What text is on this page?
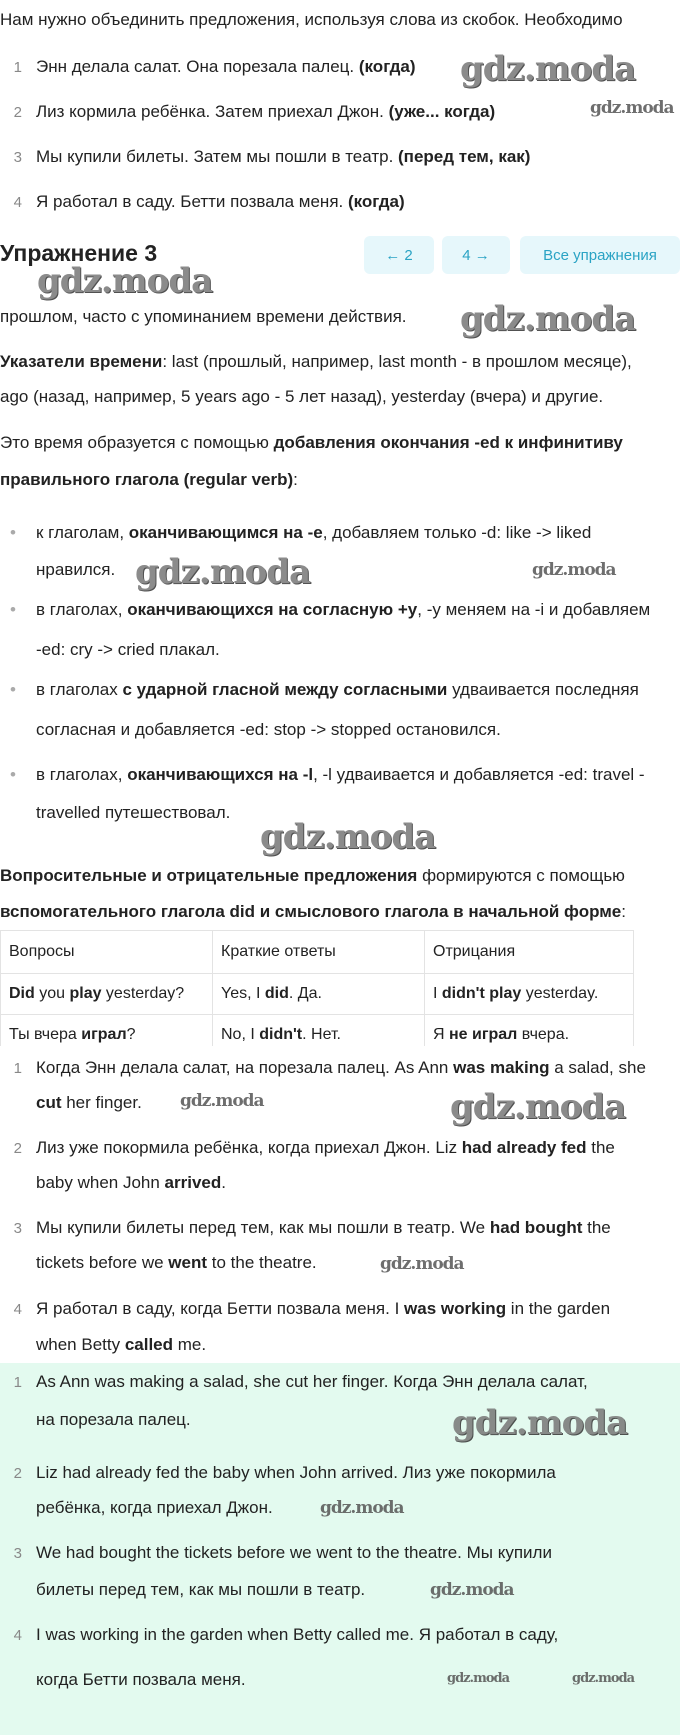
Нам нужно объединить предложения, используя слова из скобок. Необходимо
1 Энн делала салат. Она порезала палец. (когда)
2 Лиз кормила ребёнка. Затем приехал Джон. (уже... когда)
3 Мы купили билеты. Затем мы пошли в театр. (перед тем, как)
4 Я работал в саду. Бетти позвала меня. (когда)
Упражнение 3	← 2	4 →	Все упражнения
прошлом, часто с упоминанием времени действия.
Указатели времени: last (прошлый, например, last month - в прошлом месяце),
ago (назад, например, 5 years ago - 5 лет назад), yesterday (вчера) и другие.
Это время образуется с помощью добавления окончания -ed к инфинитиву
правильного глагола (regular verb):
• к глаголам, оканчивающимся на -e, добавляем только -d: like -> liked
нравился.
• в глаголах, оканчивающихся на согласную +y, -y меняем на -i и добавляем
-ed: cry -> cried плакал.
• в глаголах с ударной гласной между согласными удваивается последняя
согласная и добавляется -ed: stop -> stopped остановился.
• в глаголах, оканчивающихся на -l, -l удваивается и добавляется -ed: travel -
travelled путешествовал.
Вопросительные и отрицательные предложения формируются с помощью
вспомогательного глагола did и смыслового глагола в начальной форме:
Вопросы	Краткие ответы	Отрицания
Did you play yesterday?	Yes, I did. Да.	I didn't play yesterday.
Ты вчера играл?	No, I didn't. Нет.	Я не играл вчера.
1 Когда Энн делала салат, на порезала палец. As Ann was making a salad, she
cut her finger.
2 Лиз уже покормила ребёнка, когда приехал Джон. Liz had already fed the
baby when John arrived.
3 Мы купили билеты перед тем, как мы пошли в театр. We had bought the
tickets before we went to the theatre.
4 Я работал в саду, когда Бетти позвала меня. I was working in the garden
when Betty called me.
1 As Ann was making a salad, she cut her finger. Когда Энн делала салат,
на порезала палец.
2 Liz had already fed the baby when John arrived. Лиз уже покормила
ребёнка, когда приехал Джон.
3 We had bought the tickets before we went to the theatre. Мы купили
билеты перед тем, как мы пошли в театр.
4 I was working in the garden when Betty called me. Я работал в саду,
когда Бетти позвала меня.
gdz.moda
gdz.moda
gdz.moda
gdz.moda
gdz.moda	gdz.moda
gdz.moda
gdz.moda	gdz.moda
gdz.moda
gdz.moda
gdz.moda
gdz.moda
gdz.moda	gdz.moda
